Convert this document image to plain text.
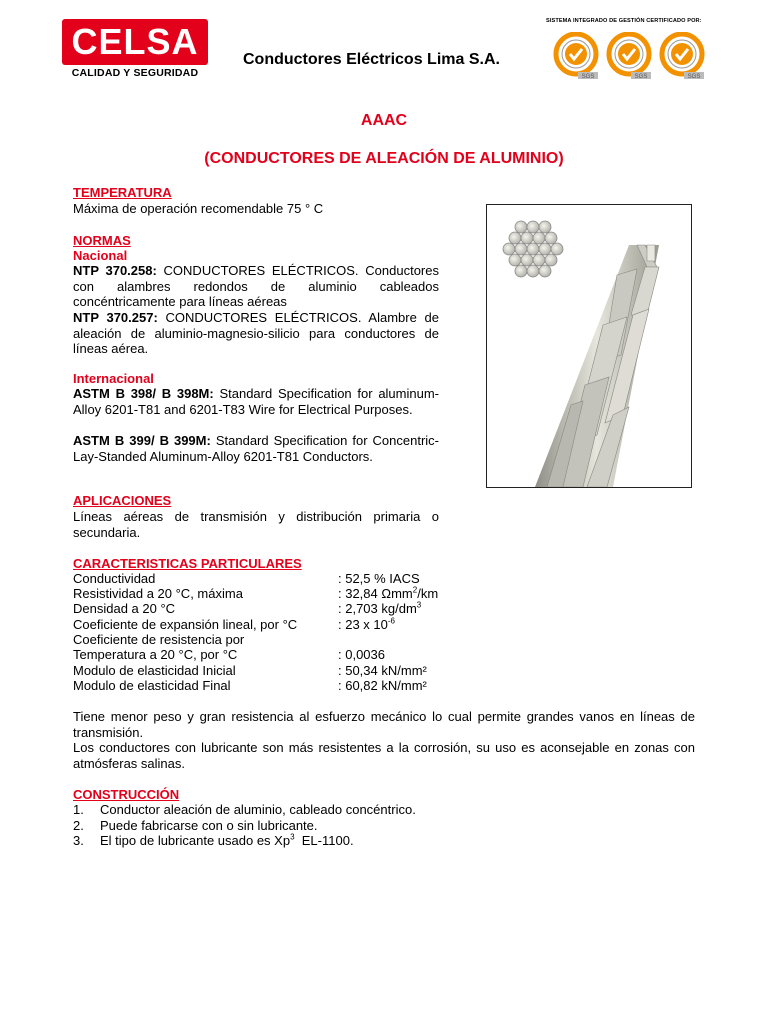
CELSA
CALIDAD Y SEGURIDAD
Conductores Eléctricos Lima S.A.
SISTEMA INTEGRADO DE GESTIÓN CERTIFICADO POR:
SGS	SGS	SGS
AAAC
(CONDUCTORES DE ALEACIÓN DE ALUMINIO)
TEMPERATURA
Máxima de operación recomendable 75 ° C
NORMAS
Nacional
NTP 370.258: CONDUCTORES ELÉCTRICOS. Conductores con alambres redondos de aluminio cableados concéntricamente para líneas aéreas
NTP 370.257: CONDUCTORES ELÉCTRICOS. Alambre de aleación de aluminio-magnesio-silicio para conductores de líneas aérea.
Internacional
ASTM B 398/ B 398M: Standard Specification for aluminum-Alloy 6201-T81 and 6201-T83 Wire for Electrical Purposes.
ASTM B 399/ B 399M: Standard Specification for Concentric-Lay-Standed Aluminum-Alloy 6201-T81 Conductors.
APLICACIONES
Líneas aéreas de transmisión y distribución primaria o secundaria.
CARACTERISTICAS PARTICULARES
Conductividad	: 52,5 % IACS
Resistividad a 20 °C, máxima	: 32,84 Ωmm$^2$/km
Densidad a 20 °C	: 2,703 $kg/dm^3$
Coeficiente de expansión lineal, por °C	: 23 x $10^{-6}$
Coeficiente de resistencia por
Temperatura a 20 °C, por °C	: 0,0036
Modulo de elasticidad Inicial	: 50,34 kN/mm²
Modulo de elasticidad Final	: 60,82 kN/mm²
Tiene menor peso y gran resistencia al esfuerzo mecánico lo cual permite grandes vanos en líneas de transmisión.
Los conductores con lubricante son más resistentes a la corrosión, su uso es aconsejable en zonas con atmósferas salinas.
CONSTRUCCIÓN
1. Conductor aleación de aluminio, cableado concéntrico.
2. Puede fabricarse con o sin lubricante.
3. El tipo de lubricante usado es Xp$^3$  EL-1100.
